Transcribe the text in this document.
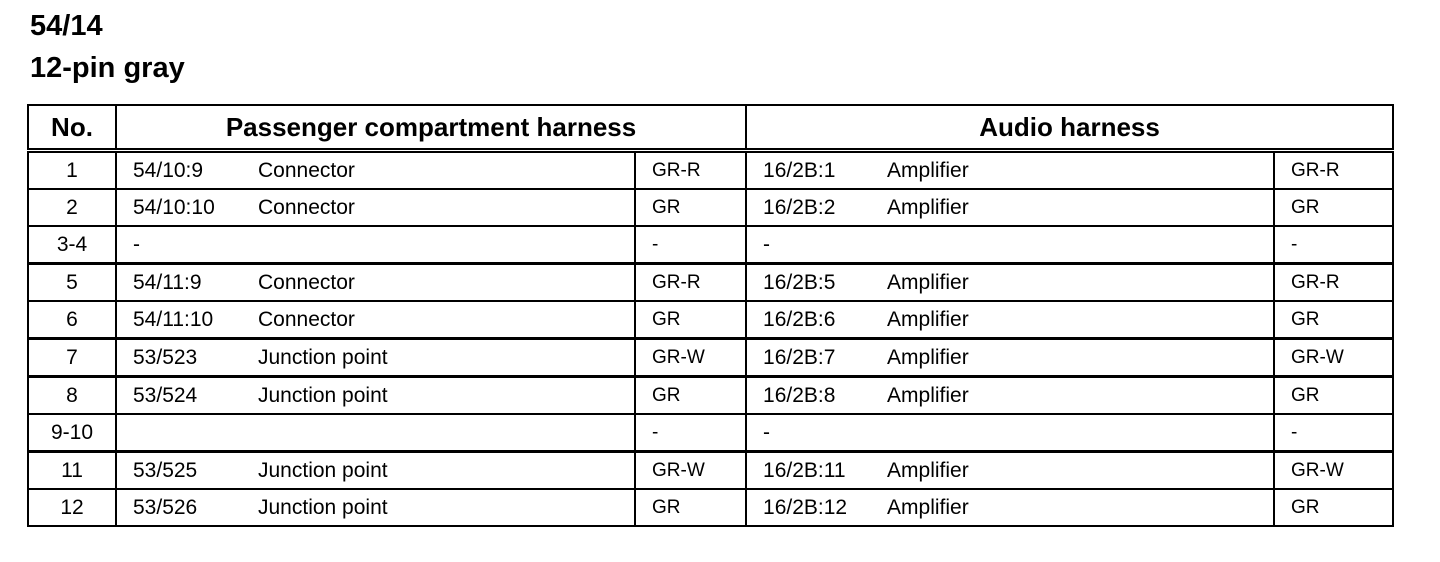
54/14
12-pin gray
No.	Passenger compartment harness			Audio harness		
1	54/10:9	Connector	GR-R	16/2B:1	Amplifier	GR-R
2	54/10:10	Connector	GR	16/2B:2	Amplifier	GR
3-4	-		-	-		-
5	54/11:9	Connector	GR-R	16/2B:5	Amplifier	GR-R
6	54/11:10	Connector	GR	16/2B:6	Amplifier	GR
7	53/523	Junction point	GR-W	16/2B:7	Amplifier	GR-W
8	53/524	Junction point	GR	16/2B:8	Amplifier	GR
9-10			-	-		-
11	53/525	Junction point	GR-W	16/2B:11	Amplifier	GR-W
12	53/526	Junction point	GR	16/2B:12	Amplifier	GR
